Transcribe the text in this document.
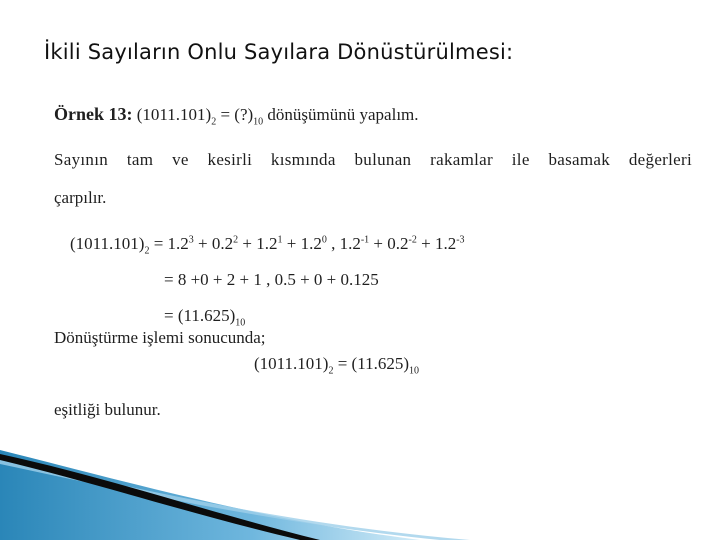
İkili Sayıların Onlu Sayılara Dönüstürülmesi:
Örnek 13: $(1011.101)_2$ = $(?)_{10}$ dönüşümünü yapalım.
Sayının tam ve kesirli kısmında bulunan rakamlar ile basamak değerleri
çarpılır.
$(1011.101)_2 = 1.2^3 + 0.2^2 + 1.2^1 + 1.2^0$ , $1.2^{-1} + 0.2^{-2} + 1.2^{-3}$
= 8 +0 + 2 + 1 , 0.5 + 0 + 0.125
= $(11.625)_{10}$
Dönüştürme işlemi sonucunda;
$(1011.101)_2 = (11.625)_{10}$
eşitliği bulunur.
